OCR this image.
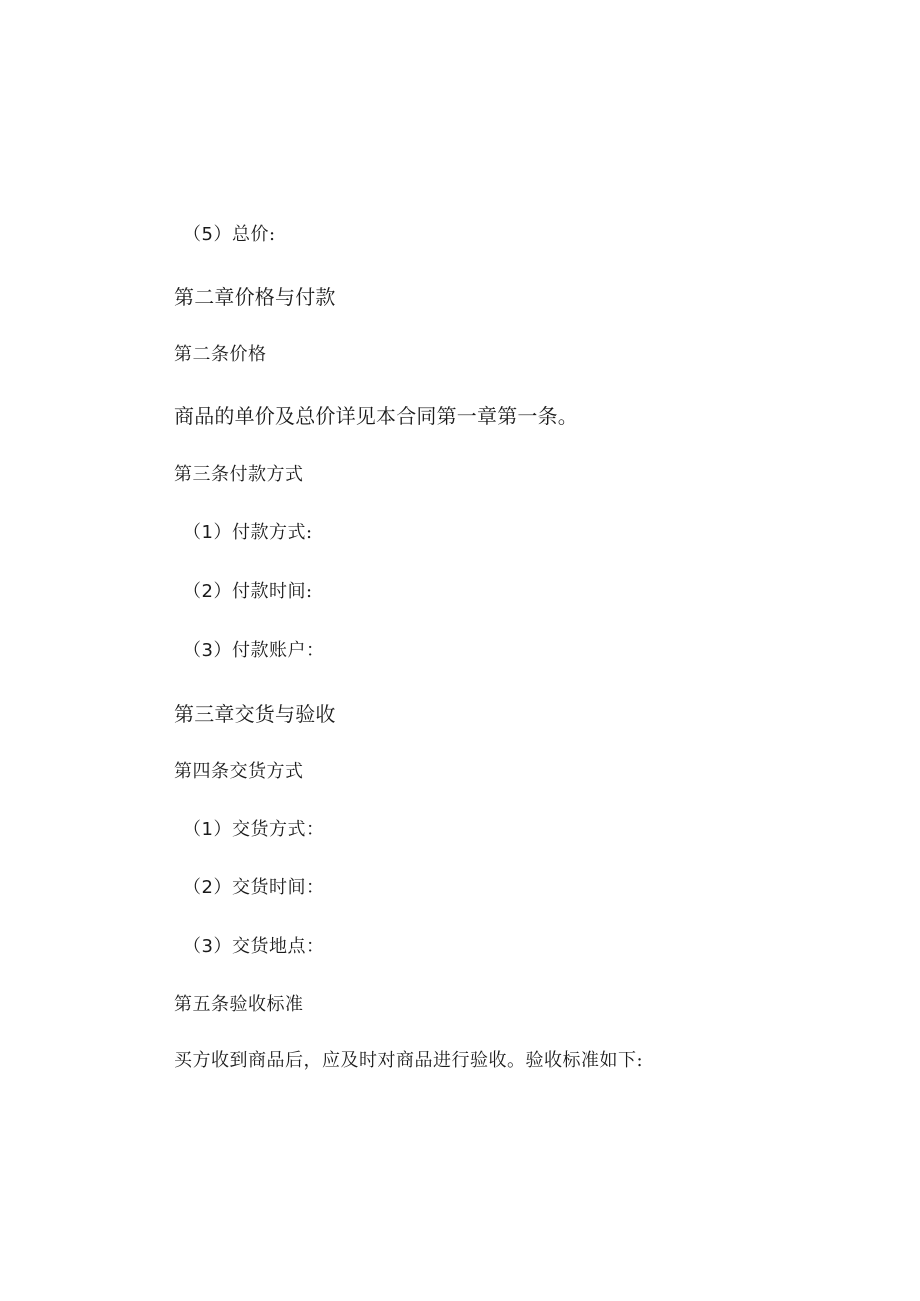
（5）总价:
第二章价格与付款
第二条价格
商品的单价及总价详见本合同第一章第一条。
第三条付款方式
（1）付款方式:
（2）付款时间:
（3）付款账户：
第三章交货与验收
第四条交货方式
（1）交货方式：
（2）交货时间：
（3）交货地点：
第五条验收标准
买方收到商品后，应及时对商品进行验收。验收标准如下:
